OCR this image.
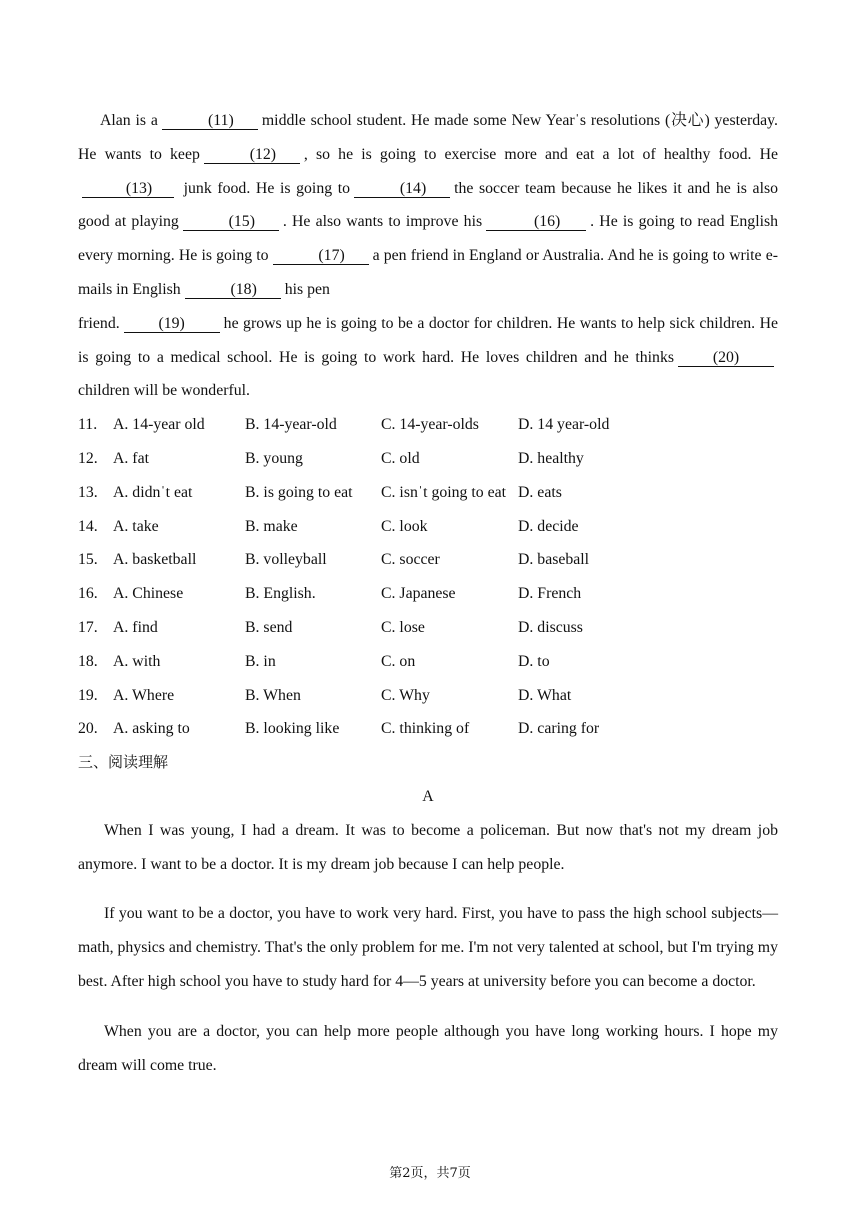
Alan is a	(11) middle school student. He made some New Yearˈs resolutions (决心) yesterday. He wants to keep	(12) , so he is going to exercise more and eat a lot of healthy food. He(13) junk food. He is going to	(14) the soccer team because he likes it and he is also good at playing	(15) . He also wants to improve his	(16) . He is going to read English every morning. He is going to	(17) a pen friend in England or Australia. And he is going to write e-mails in English	(18) his pen
friend. (19) he grows up he is going to be a doctor for children. He wants to help sick children. He is going to a medical school. He is going to work hard. He loves children and he thinks (20)children will be wonderful.
11. A. 14-year old	B. 14-year-old	C. 14-year-olds D. 14 year-old
12. A. fat	B. young	C. old	D. healthy
13. A. didnˈt eat	B. is going to eat C. isnˈt going to eat D. eats
14. A. take	B. make	C. look	D. decide
15. A. basketball	B. volleyball	C. soccer	D. baseball
16. A. Chinese	B. English.	C. Japanese	D. French
17. A. find	B. send	C. lose	D. discuss
18. A. with	B. in	C. on	D. to
19. A. Where	B. When	C. Why	D. What
20. A. asking to	B. looking like	C. thinking of	D. caring for
三、阅读理解
A

When I was young, I had a dream. It was to become a policeman. But now that's not my dream job anymore. I want to be a doctor. It is my dream job because I can help people.

If you want to be a doctor, you have to work very hard. First, you have to pass the high school subjects—math, physics and chemistry. That's the only problem for me. I'm not very talented at school, but I'm trying my best. After high school you have to study hard for 4—5 years at university before you can become a doctor.

When you are a doctor, you can help more people although you have long working hours. I hope my dream will come true.

第2页，共7页
